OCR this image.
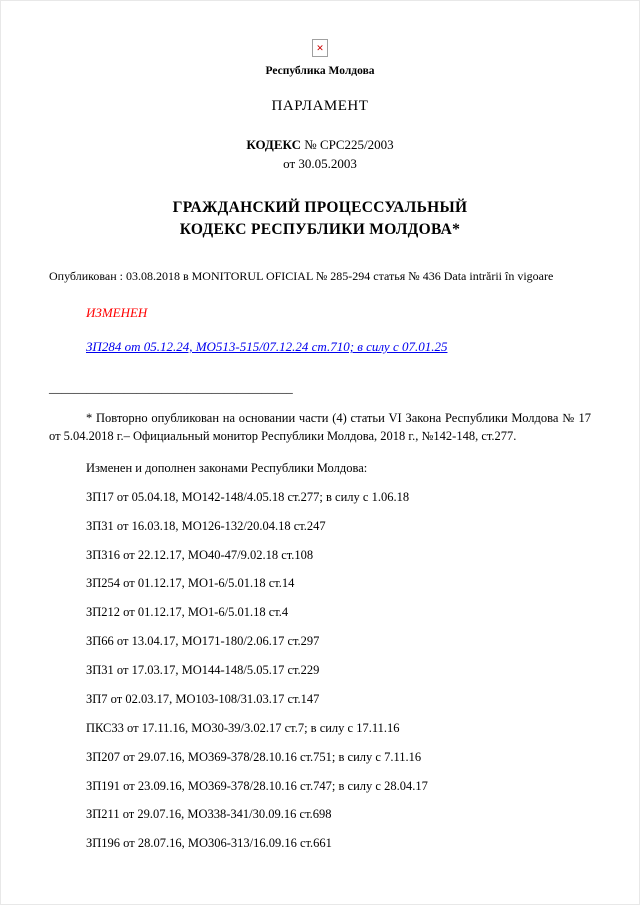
✕
Республика Молдова
ПАРЛАМЕНТ
КОДЕКС № CPC225/2003
от 30.05.2003
ГРАЖДАНСКИЙ ПРОЦЕССУАЛЬНЫЙ
КОДЕКС РЕСПУБЛИКИ МОЛДОВА*

Опубликован : 03.08.2018 в MONITORUL OFICIAL № 285-294 статья № 436 Data intrării în vigoare

ИЗМЕНЕН

ЗП284 от 05.12.24, МО513-515/07.12.24 ст.710; в силу с 07.01.25

_______________________________________

* Повторно опубликован на основании части (4) статьи VI Закона Республики Молдова № 17 от 5.04.2018 г.– Официальный монитор Республики Молдова, 2018 г., №142-148, ст.277.

Изменен и дополнен законами Республики Молдова:

ЗП17 от 05.04.18, МО142-148/4.05.18 ст.277; в силу с 1.06.18

ЗП31 от 16.03.18, МО126-132/20.04.18 ст.247

ЗП316 от 22.12.17, МО40-47/9.02.18 ст.108

ЗП254 от 01.12.17, МО1-6/5.01.18 ст.14

ЗП212 от 01.12.17, МО1-6/5.01.18 ст.4

ЗП66 от 13.04.17, МО171-180/2.06.17 ст.297

ЗП31 от 17.03.17, МО144-148/5.05.17 ст.229

ЗП7 от 02.03.17, МО103-108/31.03.17 ст.147

ПКС33 от 17.11.16, МО30-39/3.02.17 ст.7; в силу с 17.11.16

ЗП207 от 29.07.16, МО369-378/28.10.16 ст.751; в силу с 7.11.16

ЗП191 от 23.09.16, МО369-378/28.10.16 ст.747; в силу с 28.04.17

ЗП211 от 29.07.16, МО338-341/30.09.16 ст.698

ЗП196 от 28.07.16, МО306-313/16.09.16 ст.661
